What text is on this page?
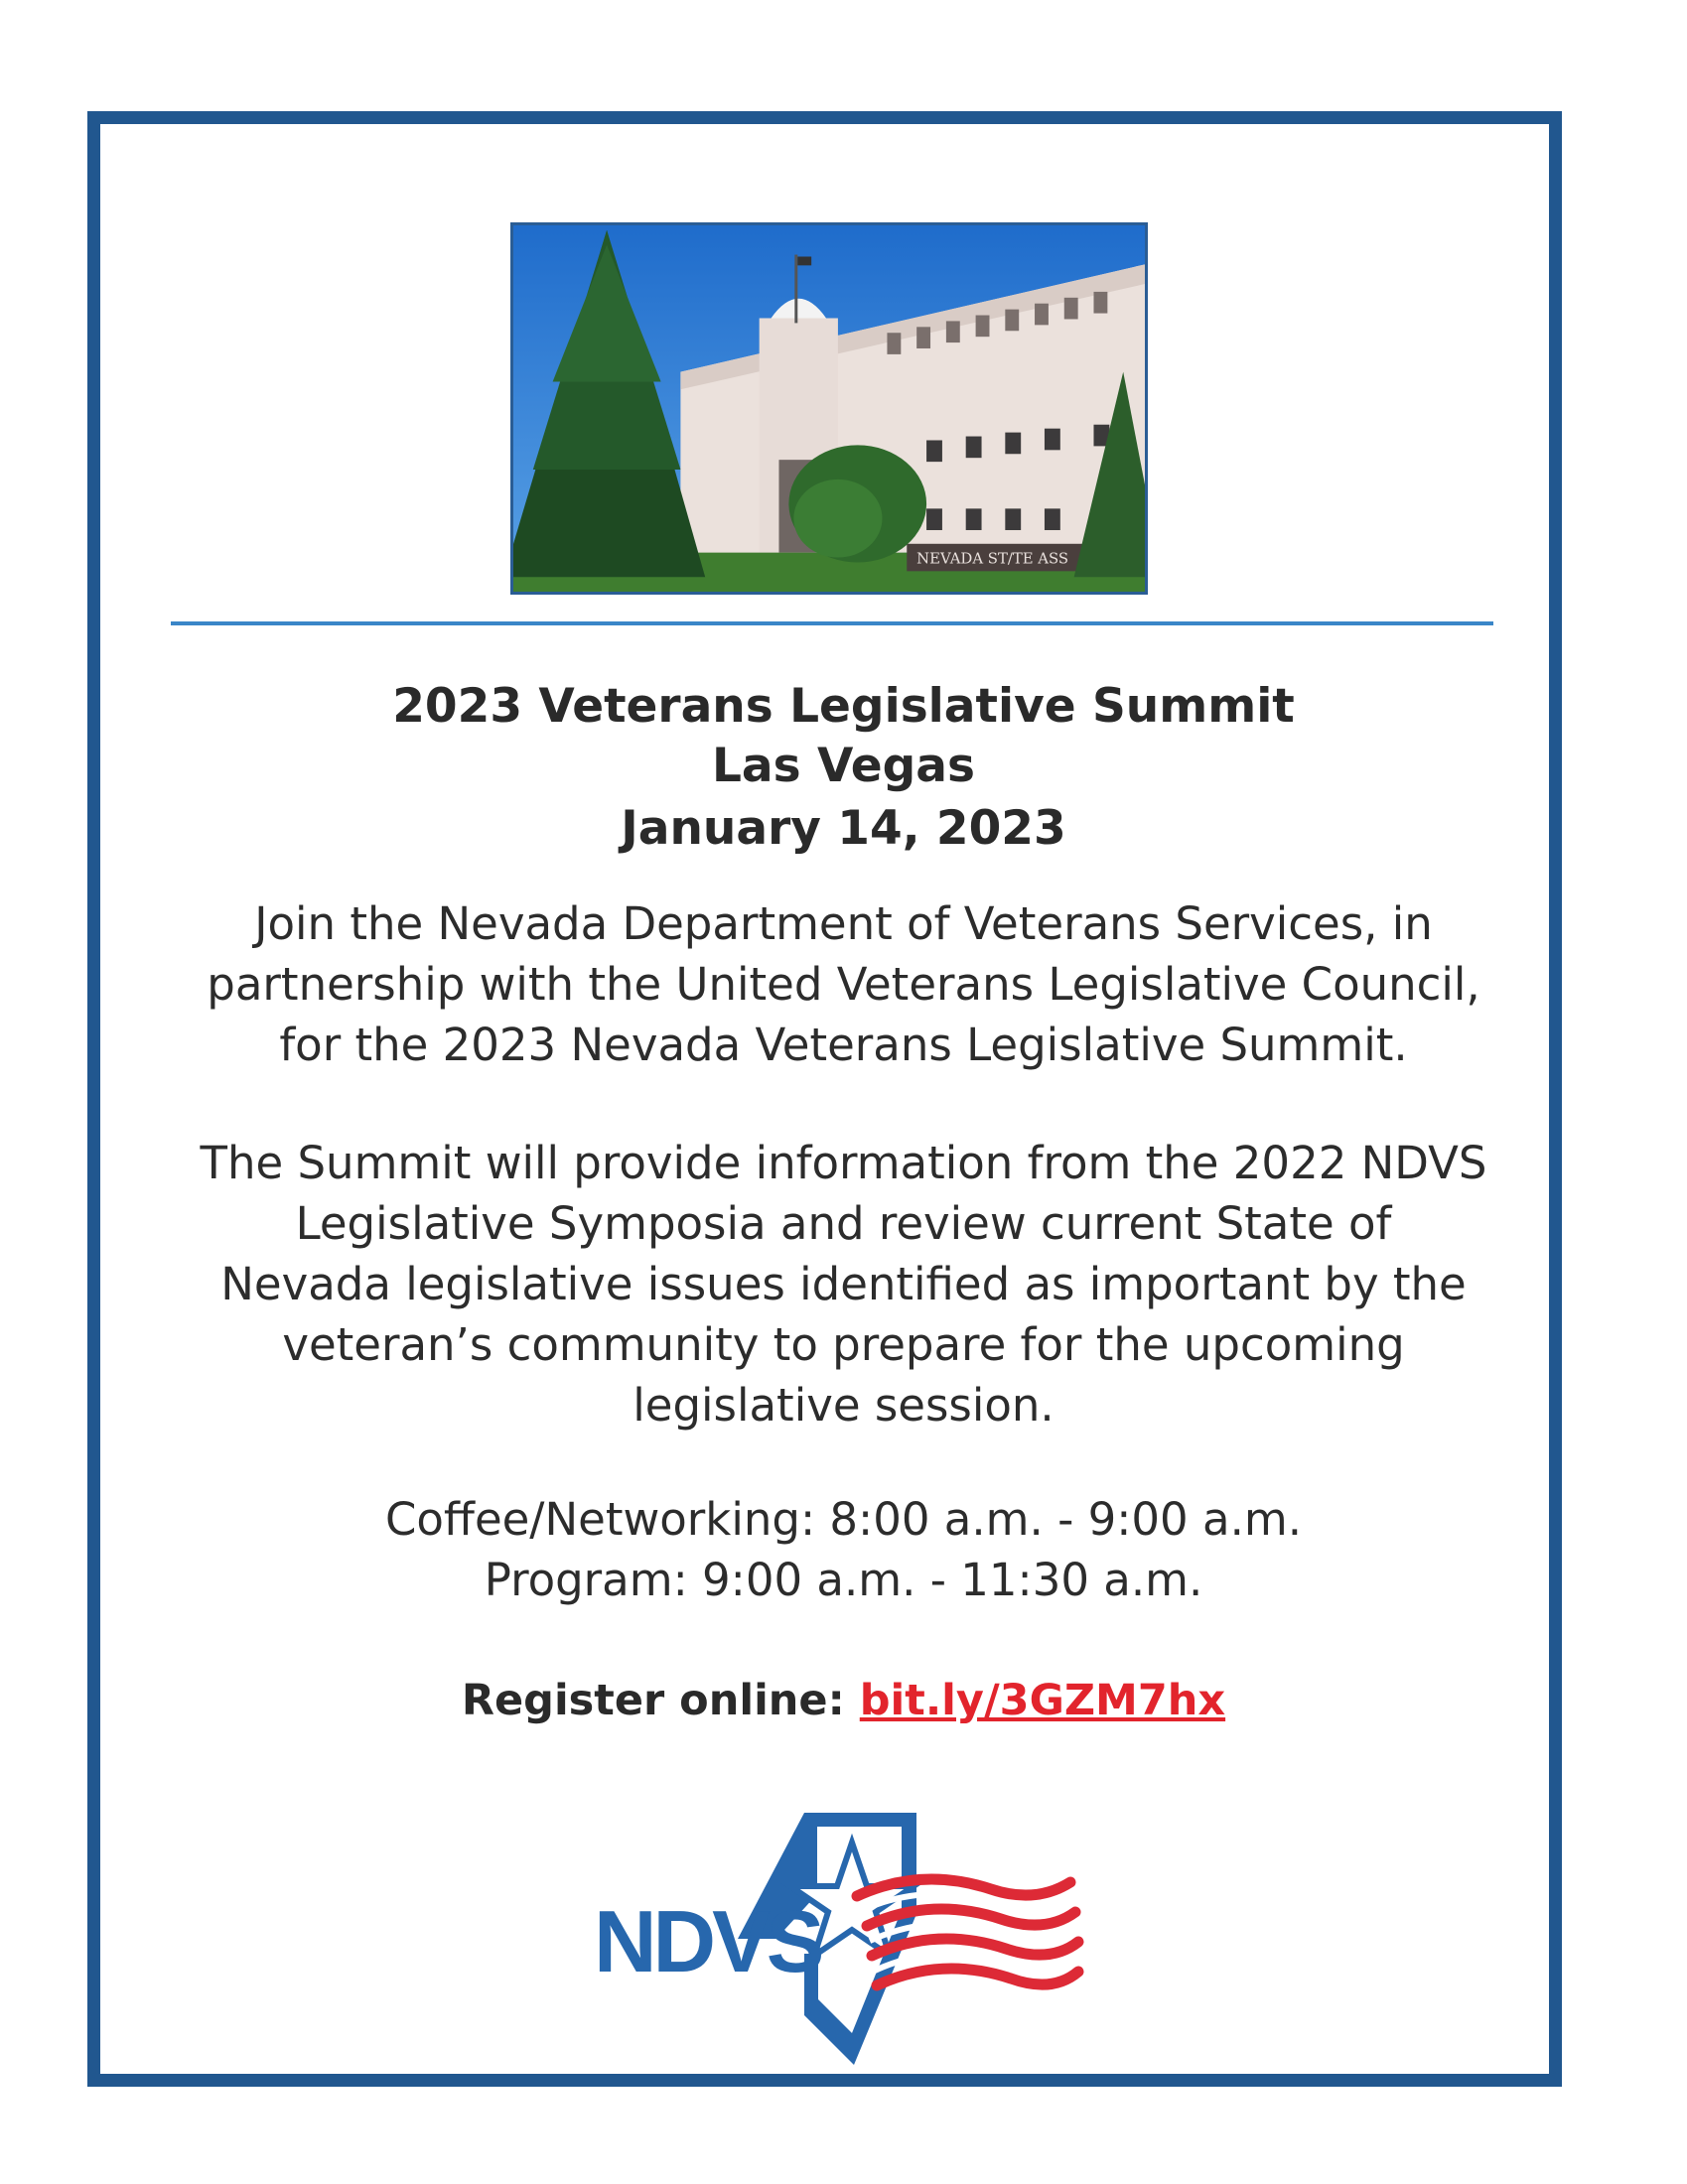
NEVADA ST/TE ASS
2023 Veterans Legislative Summit
Las Vegas
January 14, 2023
Join the Nevada Department of Veterans Services, in
partnership with the United Veterans Legislative Council,
for the 2023 Nevada Veterans Legislative Summit.
The Summit will provide information from the 2022 NDVS
Legislative Symposia and review current State of
Nevada legislative issues identified as important by the
veteran’s community to prepare for the upcoming
legislative session.
Coffee/Networking: 8:00 a.m. - 9:00 a.m.
Program: 9:00 a.m. - 11:30 a.m.
Register online: bit.ly/3GZM7hx
NDVS
